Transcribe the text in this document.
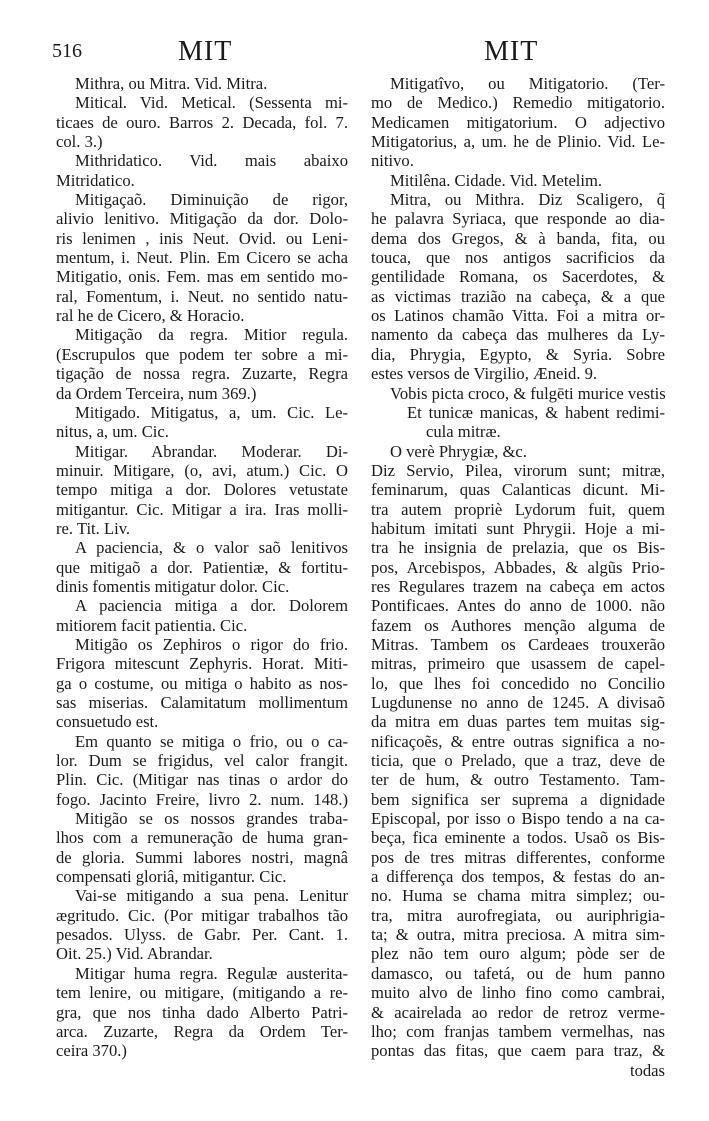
516	MIT	MIT
Mithra, ou Mitra. Vid. Mitra.
Mitical. Vid. Metical. (Sessenta mi-
ticaes de ouro. Barros 2. Decada, fol. 7.
col. 3.)
Mithridatico. Vid. mais abaixo
Mitridatico.
Mitigaçaõ. Diminuição de rigor,
alivio lenitivo. Mitigação da dor. Dolo-
ris lenimen , inis Neut. Ovid. ou Leni-
mentum, i. Neut. Plin. Em Cicero se acha
Mitigatio, onis. Fem. mas em sentido mo-
ral, Fomentum, i. Neut. no sentido natu-
ral he de Cicero, & Horacio.
Mitigação da regra. Mitior regula.
(Escrupulos que podem ter sobre a mi-
tigação de nossa regra. Zuzarte, Regra
da Ordem Terceira, num 369.)
Mitigado. Mitigatus, a, um. Cic. Le-
nitus, a, um. Cic.
Mitigar. Abrandar. Moderar. Di-
minuir. Mitigare, (o, avi, atum.) Cic. O
tempo mitiga a dor. Dolores vetustate
mitigantur. Cic. Mitigar a ira. Iras molli-
re. Tit. Liv.
A paciencia, & o valor saõ lenitivos
que mitigaõ a dor. Patientiæ, & fortitu-
dinis fomentis mitigatur dolor. Cic.
A paciencia mitiga a dor. Dolorem
mitiorem facit patientia. Cic.
Mitigão os Zephiros o rigor do frio.
Frigora mitescunt Zephyris. Horat. Miti-
ga o costume, ou mitiga o habito as nos-
sas miserias. Calamitatum mollimentum
consuetudo est.
Em quanto se mitiga o frio, ou o ca-
lor. Dum se frigidus, vel calor frangit.
Plin. Cic. (Mitigar nas tinas o ardor do
fogo. Jacinto Freire, livro 2. num. 148.)
Mitigão se os nossos grandes traba-
lhos com a remuneração de huma gran-
de gloria. Summi labores nostri, magnâ
compensati gloriâ, mitigantur. Cic.
Vai-se mitigando a sua pena. Lenitur
ægritudo. Cic. (Por mitigar trabalhos tão
pesados. Ulyss. de Gabr. Per. Cant. 1.
Oit. 25.) Vid. Abrandar.
Mitigar huma regra. Regulæ austerita-
tem lenire, ou mitigare, (mitigando a re-
gra, que nos tinha dado Alberto Patri-
arca. Zuzarte, Regra da Ordem Ter-
ceira 370.)
Mitigatîvo, ou Mitigatorio. (Ter-
mo de Medico.) Remedio mitigatorio.
Medicamen mitigatorium. O adjectivo
Mitigatorius, a, um. he de Plinio. Vid. Le-
nitivo.
Mitilêna. Cidade. Vid. Metelim.
Mitra, ou Mithra. Diz Scaligero, q̃
he palavra Syriaca, que responde ao dia-
dema dos Gregos, & à banda, fita, ou
touca, que nos antigos sacrificios da
gentilidade Romana, os Sacerdotes, &
as victimas trazião na cabeça, & a que
os Latinos chamão Vitta. Foi a mitra or-
namento da cabeça das mulheres da Ly-
dia, Phrygia, Egypto, & Syria. Sobre
estes versos de Virgilio, Æneid. 9.
Vobis picta croco, & fulgēti murice vestis
Et tunicæ manicas, & habent redimi-
cula mitræ.
O verè Phrygiæ, &c.
Diz Servio, Pilea, virorum sunt; mitræ,
feminarum, quas Calanticas dicunt. Mi-
tra autem propriè Lydorum fuit, quem
habitum imitati sunt Phrygii. Hoje a mi-
tra he insignia de prelazia, que os Bis-
pos, Arcebispos, Abbades, & algũs Prio-
res Regulares trazem na cabeça em actos
Pontificaes. Antes do anno de 1000. não
fazem os Authores menção alguma de
Mitras. Tambem os Cardeaes trouxerão
mitras, primeiro que usassem de capel-
lo, que lhes foi concedido no Concilio
Lugdunense no anno de 1245. A divisaõ
da mitra em duas partes tem muitas sig-
nificaçoẽs, & entre outras significa a no-
ticia, que o Prelado, que a traz, deve de
ter de hum, & outro Testamento. Tam-
bem significa ser suprema a dignidade
Episcopal, por isso o Bispo tendo a na ca-
beça, fica eminente a todos. Usaõ os Bis-
pos de tres mitras differentes, conforme
a differença dos tempos, & festas do an-
no. Huma se chama mitra simplez; ou-
tra, mitra aurofregiata, ou auriphrigia-
ta; & outra, mitra preciosa. A mitra sim-
plez não tem ouro algum; pòde ser de
damasco, ou tafetá, ou de hum panno
muito alvo de linho fino como cambrai,
& acairelada ao redor de retroz verme-
lho; com franjas tambem vermelhas, nas
pontas das fitas, que caem para traz, &
todas
